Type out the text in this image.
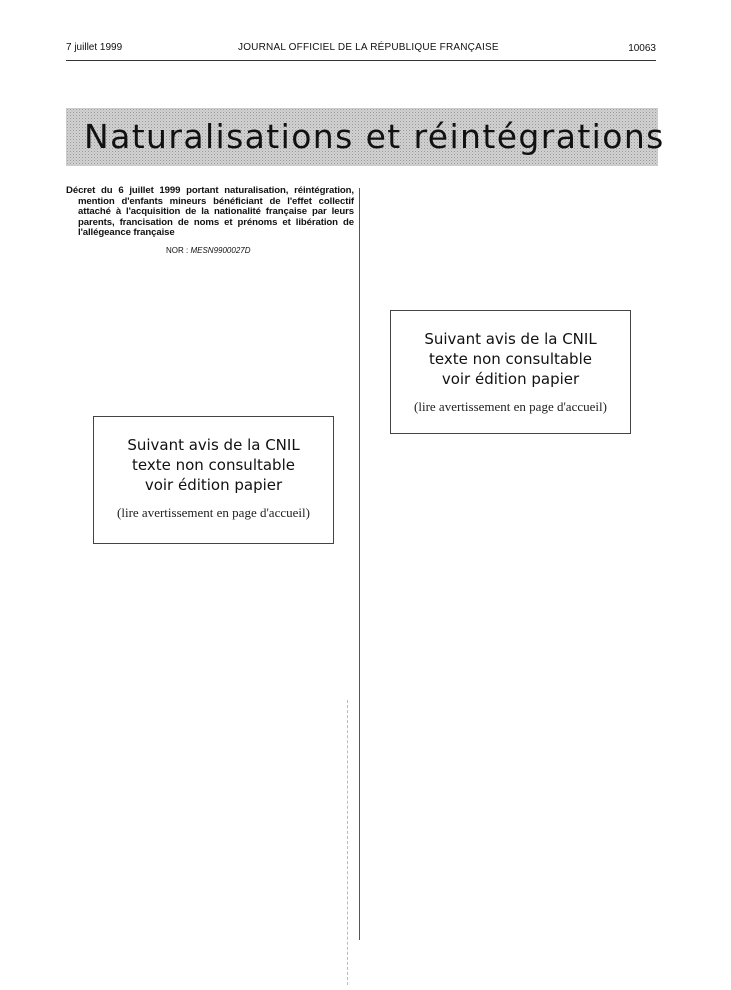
7 juillet 1999	JOURNAL OFFICIEL DE LA RÉPUBLIQUE FRANÇAISE	10063
Naturalisations et réintégrations
Décret du 6 juillet 1999 portant naturalisation, réintégration, mention d'enfants mineurs bénéficiant de l'effet collectif attaché à l'acquisition de la nationalité française par leurs parents, francisation de noms et prénoms et libération de l'allégeance française
NOR : MESN9900027D
Suivant avis de la CNIL
texte non consultable
voir édition papier
(lire avertissement en page d'accueil)
Suivant avis de la CNIL
texte non consultable
voir édition papier
(lire avertissement en page d'accueil)
